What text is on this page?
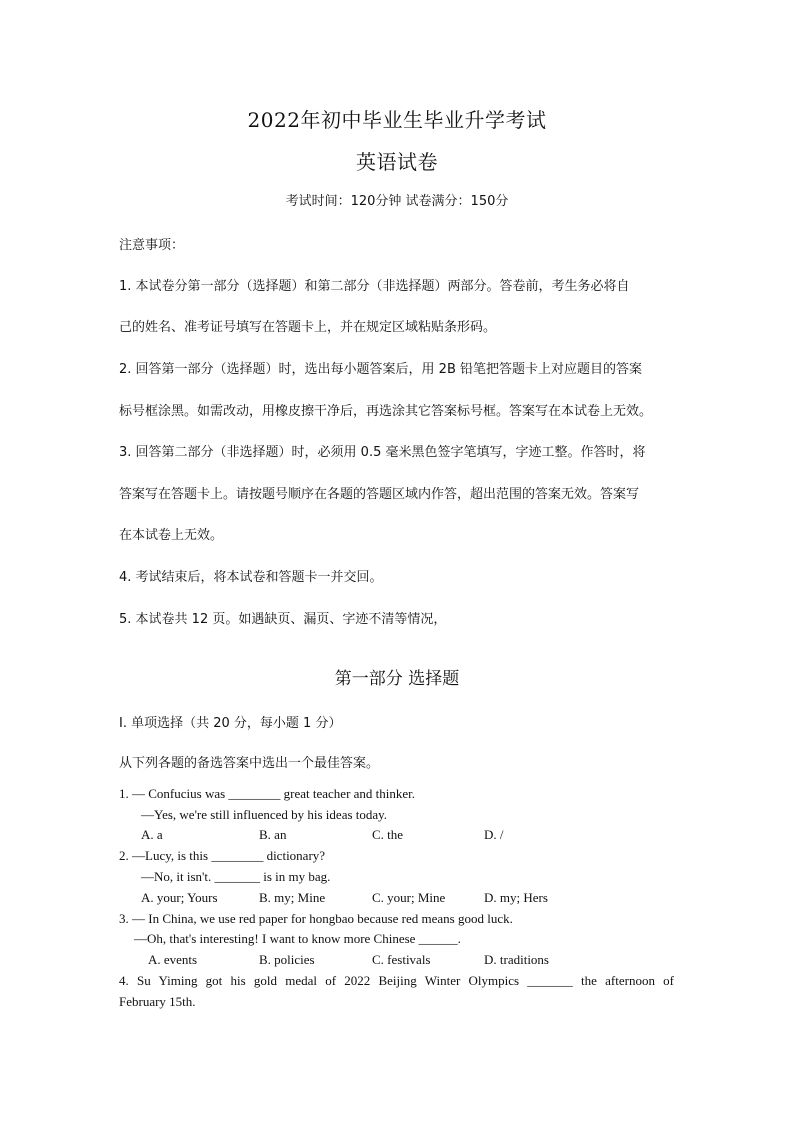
2022年初中毕业生毕业升学考试
英语试卷
考试时间：120分钟 试卷满分：150分
注意事项：
1. 本试卷分第一部分（选择题）和第二部分（非选择题）两部分。答卷前，考生务必将自
己的姓名、准考证号填写在答题卡上，并在规定区域粘贴条形码。
2. 回答第一部分（选择题）时，选出每小题答案后，用 2B 铅笔把答题卡上对应题目的答案
标号框涂黑。如需改动，用橡皮擦干净后，再选涂其它答案标号框。答案写在本试卷上无效。
3. 回答第二部分（非选择题）时，必须用 0.5 毫米黑色签字笔填写，字迹工整。作答时，将
答案写在答题卡上。请按题号顺序在各题的答题区域内作答，超出范围的答案无效。答案写
在本试卷上无效。
4. 考试结束后，将本试卷和答题卡一并交回。
5. 本试卷共 12 页。如遇缺页、漏页、字迹不清等情况，
第一部分 选择题
I. 单项选择（共 20 分，每小题 1 分）
从下列各题的备选答案中选出一个最佳答案。
1. — Confucius was ________ great teacher and thinker.
—Yes, we're still influenced by his ideas today.
A. a	B. an	C. the	D. /
2. —Lucy, is this ________ dictionary?
—No, it isn't. _______ is in my bag.
A. your; Yours	B. my; Mine	C. your; Mine	D. my; Hers
3. — In China, we use red paper for hongbao because red means good luck.
—Oh, that's interesting! I want to know more Chinese ______.
A. events	B. policies	C. festivals	D. traditions
4. Su Yiming got his gold medal of 2022 Beijing Winter Olympics _______ the afternoon of
February 15th.
